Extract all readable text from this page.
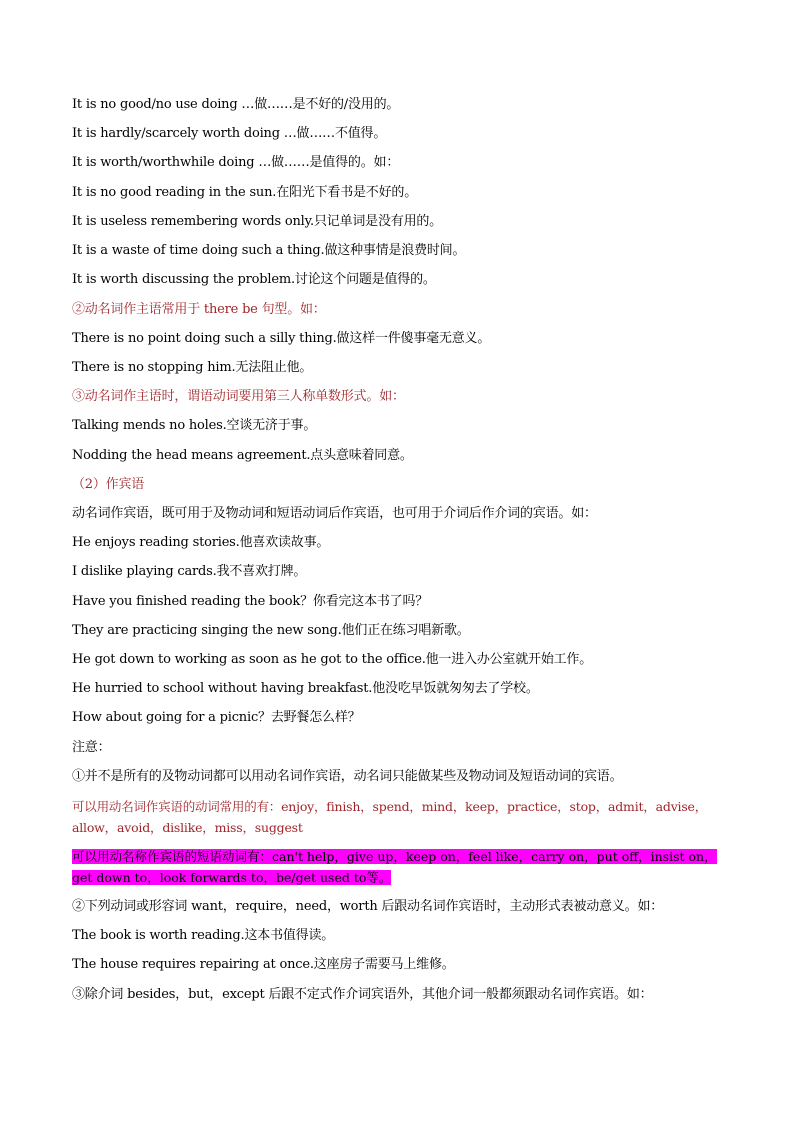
It is no good/no use doing …做……是不好的/没用的。
It is hardly/scarcely worth doing …做……不值得。
It is worth/worthwhile doing …做……是值得的。如：
It is no good reading in the sun.在阳光下看书是不好的。
It is useless remembering words only.只记单词是没有用的。
It is a waste of time doing such a thing.做这种事情是浪费时间。
It is worth discussing the problem.讨论这个问题是值得的。
②动名词作主语常用于 there be 句型。如：
There is no point doing such a silly thing.做这样一件傻事毫无意义。
There is no stopping him.无法阻止他。
③动名词作主语时，谓语动词要用第三人称单数形式。如：
Talking mends no holes.空谈无济于事。
Nodding the head means agreement.点头意味着同意。
（2）作宾语
动名词作宾语，既可用于及物动词和短语动词后作宾语，也可用于介词后作介词的宾语。如：
He enjoys reading stories.他喜欢读故事。
I dislike playing cards.我不喜欢打牌。
Have you finished reading the book？你看完这本书了吗？
They are practicing singing the new song.他们正在练习唱新歌。
He got down to working as soon as he got to the office.他一进入办公室就开始工作。
He hurried to school without having breakfast.他没吃早饭就匆匆去了学校。
How about going for a picnic？去野餐怎么样？
注意：
①并不是所有的及物动词都可以用动名词作宾语，动名词只能做某些及物动词及短语动词的宾语。
可以用动名词作宾语的动词常用的有：enjoy，finish，spend，mind，keep，practice，stop，admit，advise，allow，avoid，dislike，miss，suggest
可以用动名称作宾语的短语动词有：can't help，give up，keep on，feel like，carry on，put off，insist on，get down to，look forwards to，be/get used to等。
②下列动词或形容词 want，require，need，worth 后跟动名词作宾语时，主动形式表被动意义。如：
The book is worth reading.这本书值得读。
The house requires repairing at once.这座房子需要马上维修。
③除介词 besides，but，except 后跟不定式作介词宾语外，其他介词一般都须跟动名词作宾语。如：
